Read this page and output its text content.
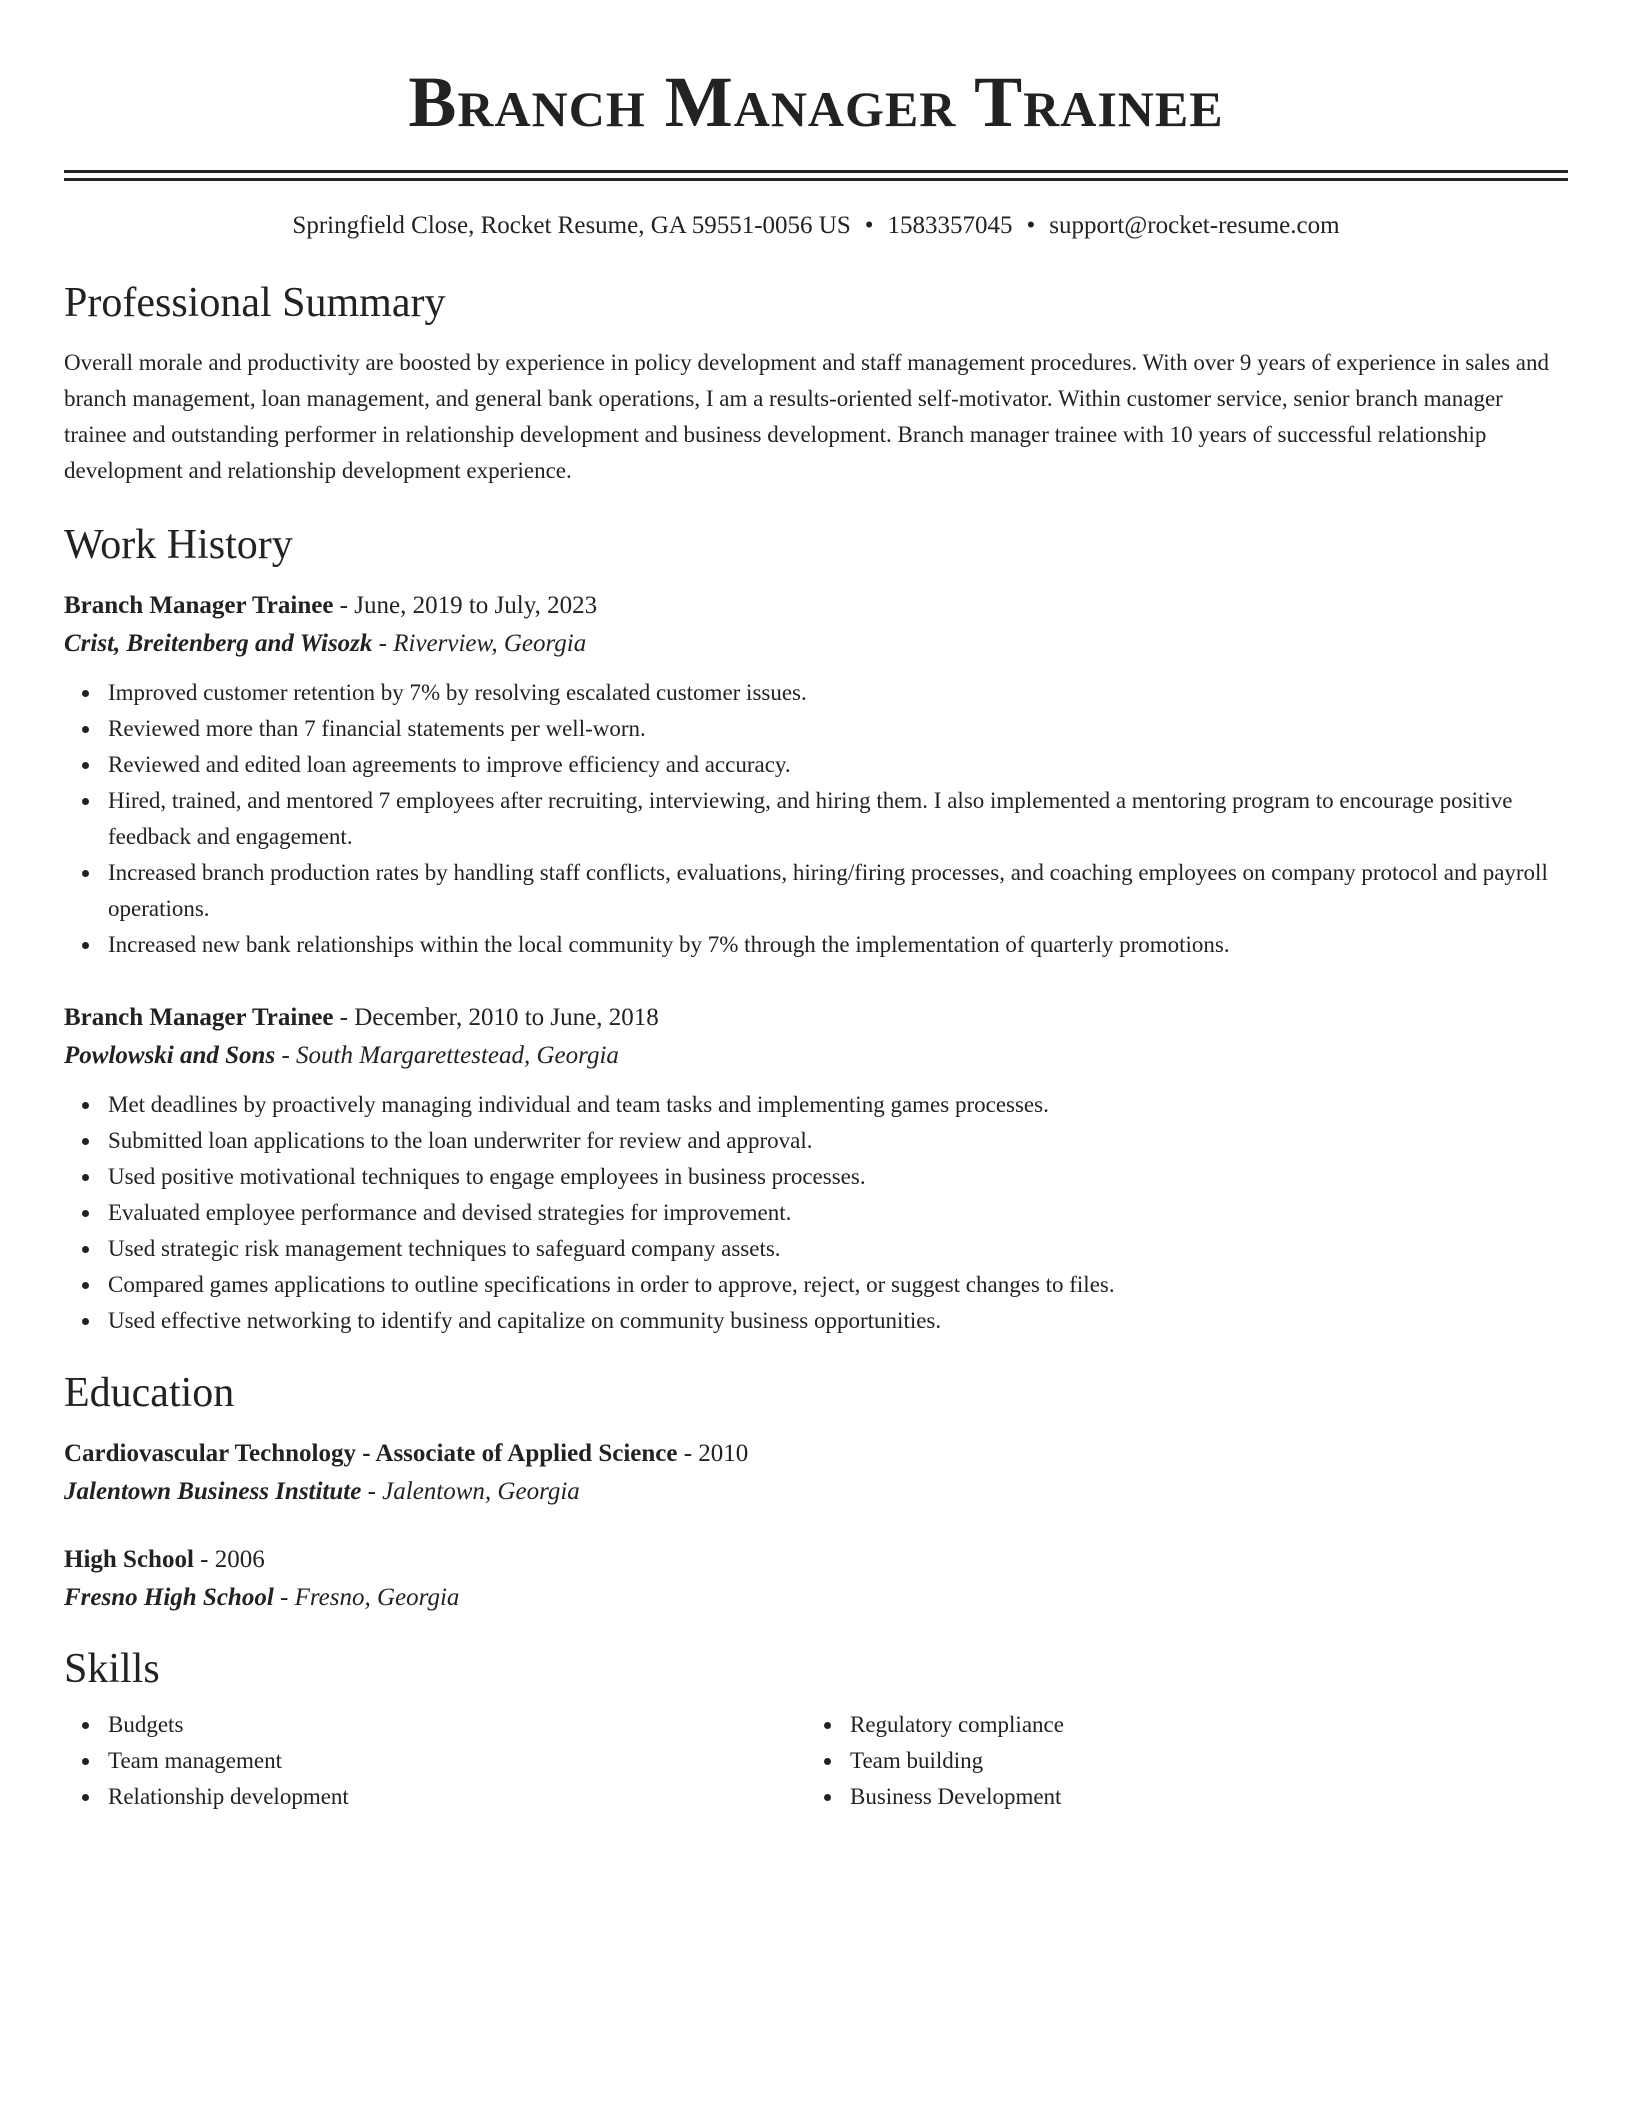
Branch Manager Trainee
Springfield Close, Rocket Resume, GA 59551-0056 US • 1583357045 • support@rocket-resume.com
Professional Summary
Overall morale and productivity are boosted by experience in policy development and staff management procedures. With over 9 years of experience in sales and branch management, loan management, and general bank operations, I am a results-oriented self-motivator. Within customer service, senior branch manager trainee and outstanding performer in relationship development and business development. Branch manager trainee with 10 years of successful relationship development and relationship development experience.
Work History
Branch Manager Trainee - June, 2019 to July, 2023
Crist, Breitenberg and Wisozk - Riverview, Georgia
Improved customer retention by 7% by resolving escalated customer issues.
Reviewed more than 7 financial statements per well-worn.
Reviewed and edited loan agreements to improve efficiency and accuracy.
Hired, trained, and mentored 7 employees after recruiting, interviewing, and hiring them. I also implemented a mentoring program to encourage positive feedback and engagement.
Increased branch production rates by handling staff conflicts, evaluations, hiring/firing processes, and coaching employees on company protocol and payroll operations.
Increased new bank relationships within the local community by 7% through the implementation of quarterly promotions.
Branch Manager Trainee - December, 2010 to June, 2018
Powlowski and Sons - South Margarettestead, Georgia
Met deadlines by proactively managing individual and team tasks and implementing games processes.
Submitted loan applications to the loan underwriter for review and approval.
Used positive motivational techniques to engage employees in business processes.
Evaluated employee performance and devised strategies for improvement.
Used strategic risk management techniques to safeguard company assets.
Compared games applications to outline specifications in order to approve, reject, or suggest changes to files.
Used effective networking to identify and capitalize on community business opportunities.
Education
Cardiovascular Technology - Associate of Applied Science - 2010
Jalentown Business Institute - Jalentown, Georgia
High School - 2006
Fresno High School - Fresno, Georgia
Skills
Budgets
Team management
Relationship development
Regulatory compliance
Team building
Business Development
